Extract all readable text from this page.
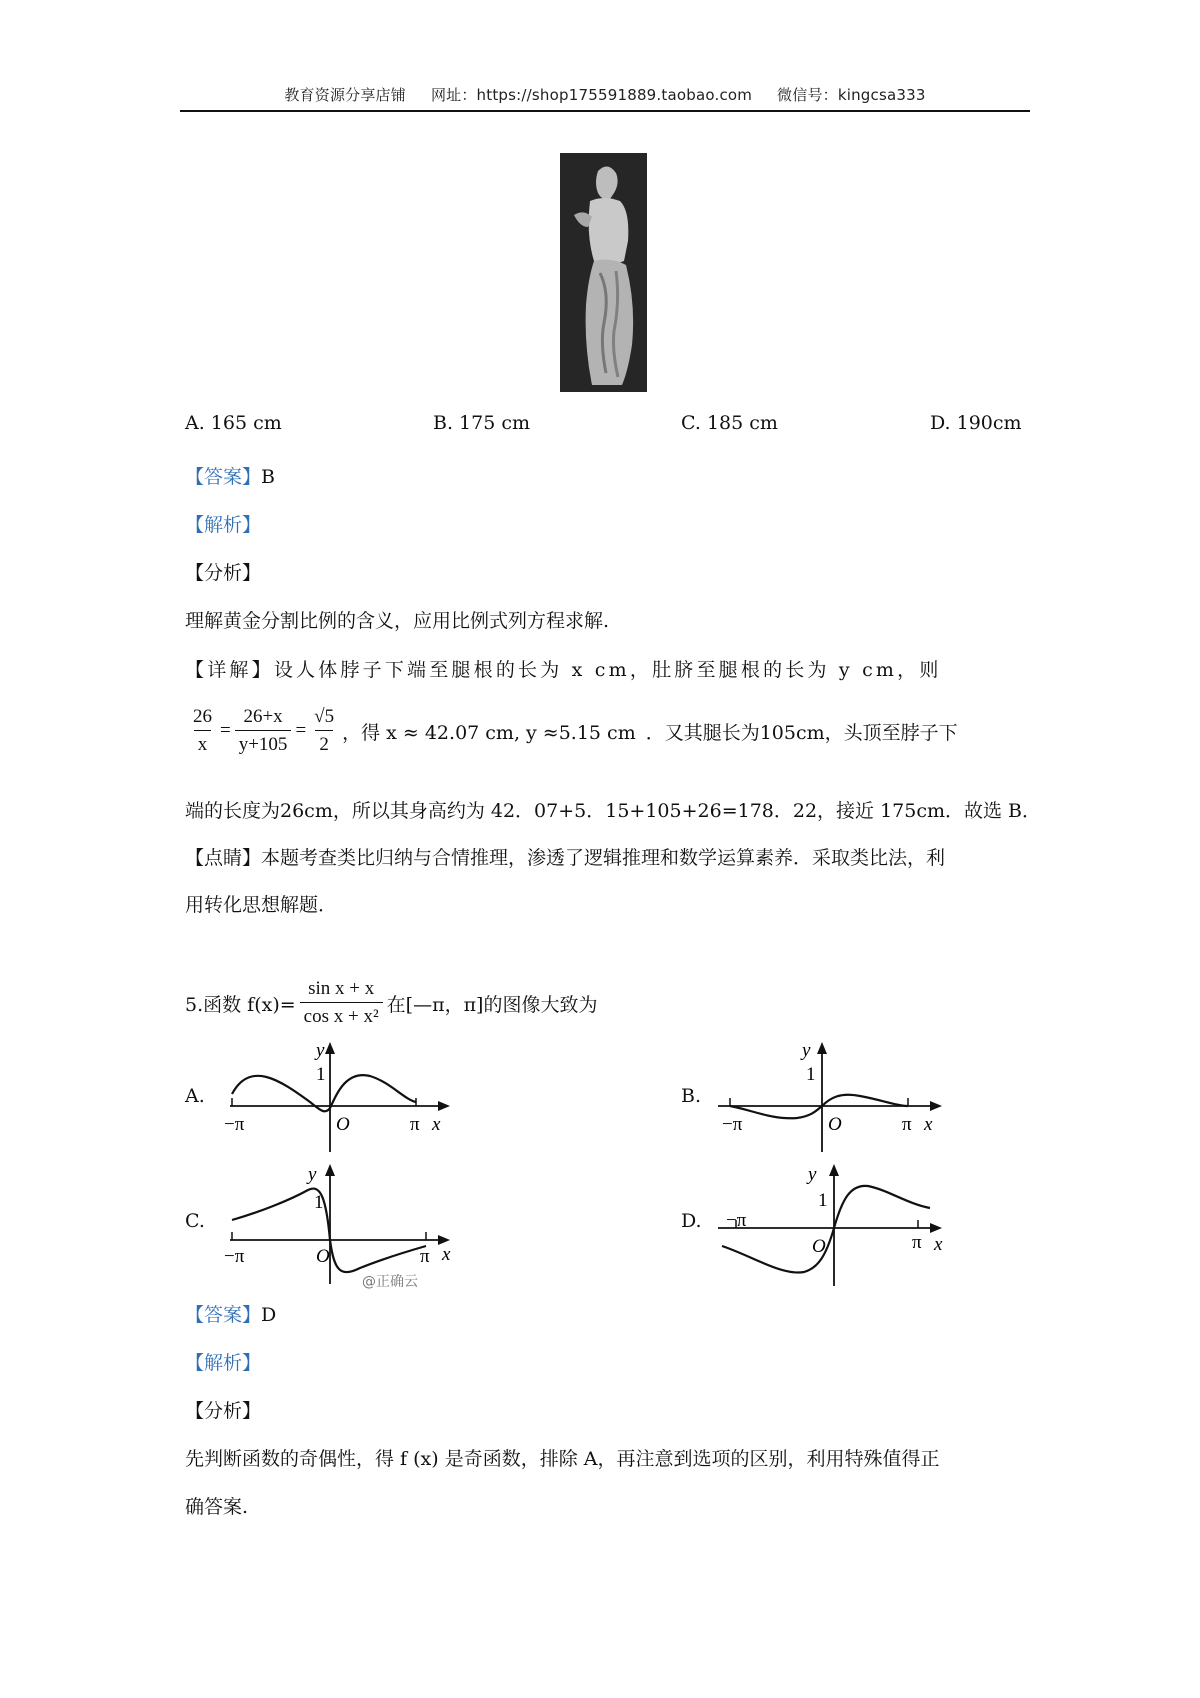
教育资源分享店铺 网址：https://shop175591889.taobao.com 微信号：kingcsa333
A. 165 cm	B. 175 cm	C. 185 cm	D. 190cm
【答案】B
【解析】
【分析】
理解黄金分割比例的含义，应用比例式列方程求解.
【详解】设人体脖子下端至腿根的长为 x cm，肚脐至腿根的长为 y cm，则
$\frac{26}{x} = \frac{26+x}{y+105} = \frac{√5}{2}$ ，得 x ≈ 42.07 cm, y ≈5.15 cm ．又其腿长为105cm，头顶至脖子下
端的长度为26cm，所以其身高约为 42．07+5．15+105+26=178．22，接近 175cm．故选 B．
【点睛】本题考查类比归纳与合情推理，渗透了逻辑推理和数学运算素养．采取类比法，利
用转化思想解题．
5.函数 $f(x)= \frac{\text{sin x + x}}{\text{cos x + x²}}$ 在[—π，π]的图像大致为
A.
y
1
O
−π	π x
B.
y
1
O
−π	π x
C.
y
1
O
−π	π x
@正确云
D.
y
1
O
−π
π x
【答案】D
【解析】
【分析】
先判断函数的奇偶性，得 f (x) 是奇函数，排除 A，再注意到选项的区别，利用特殊值得正
确答案.
